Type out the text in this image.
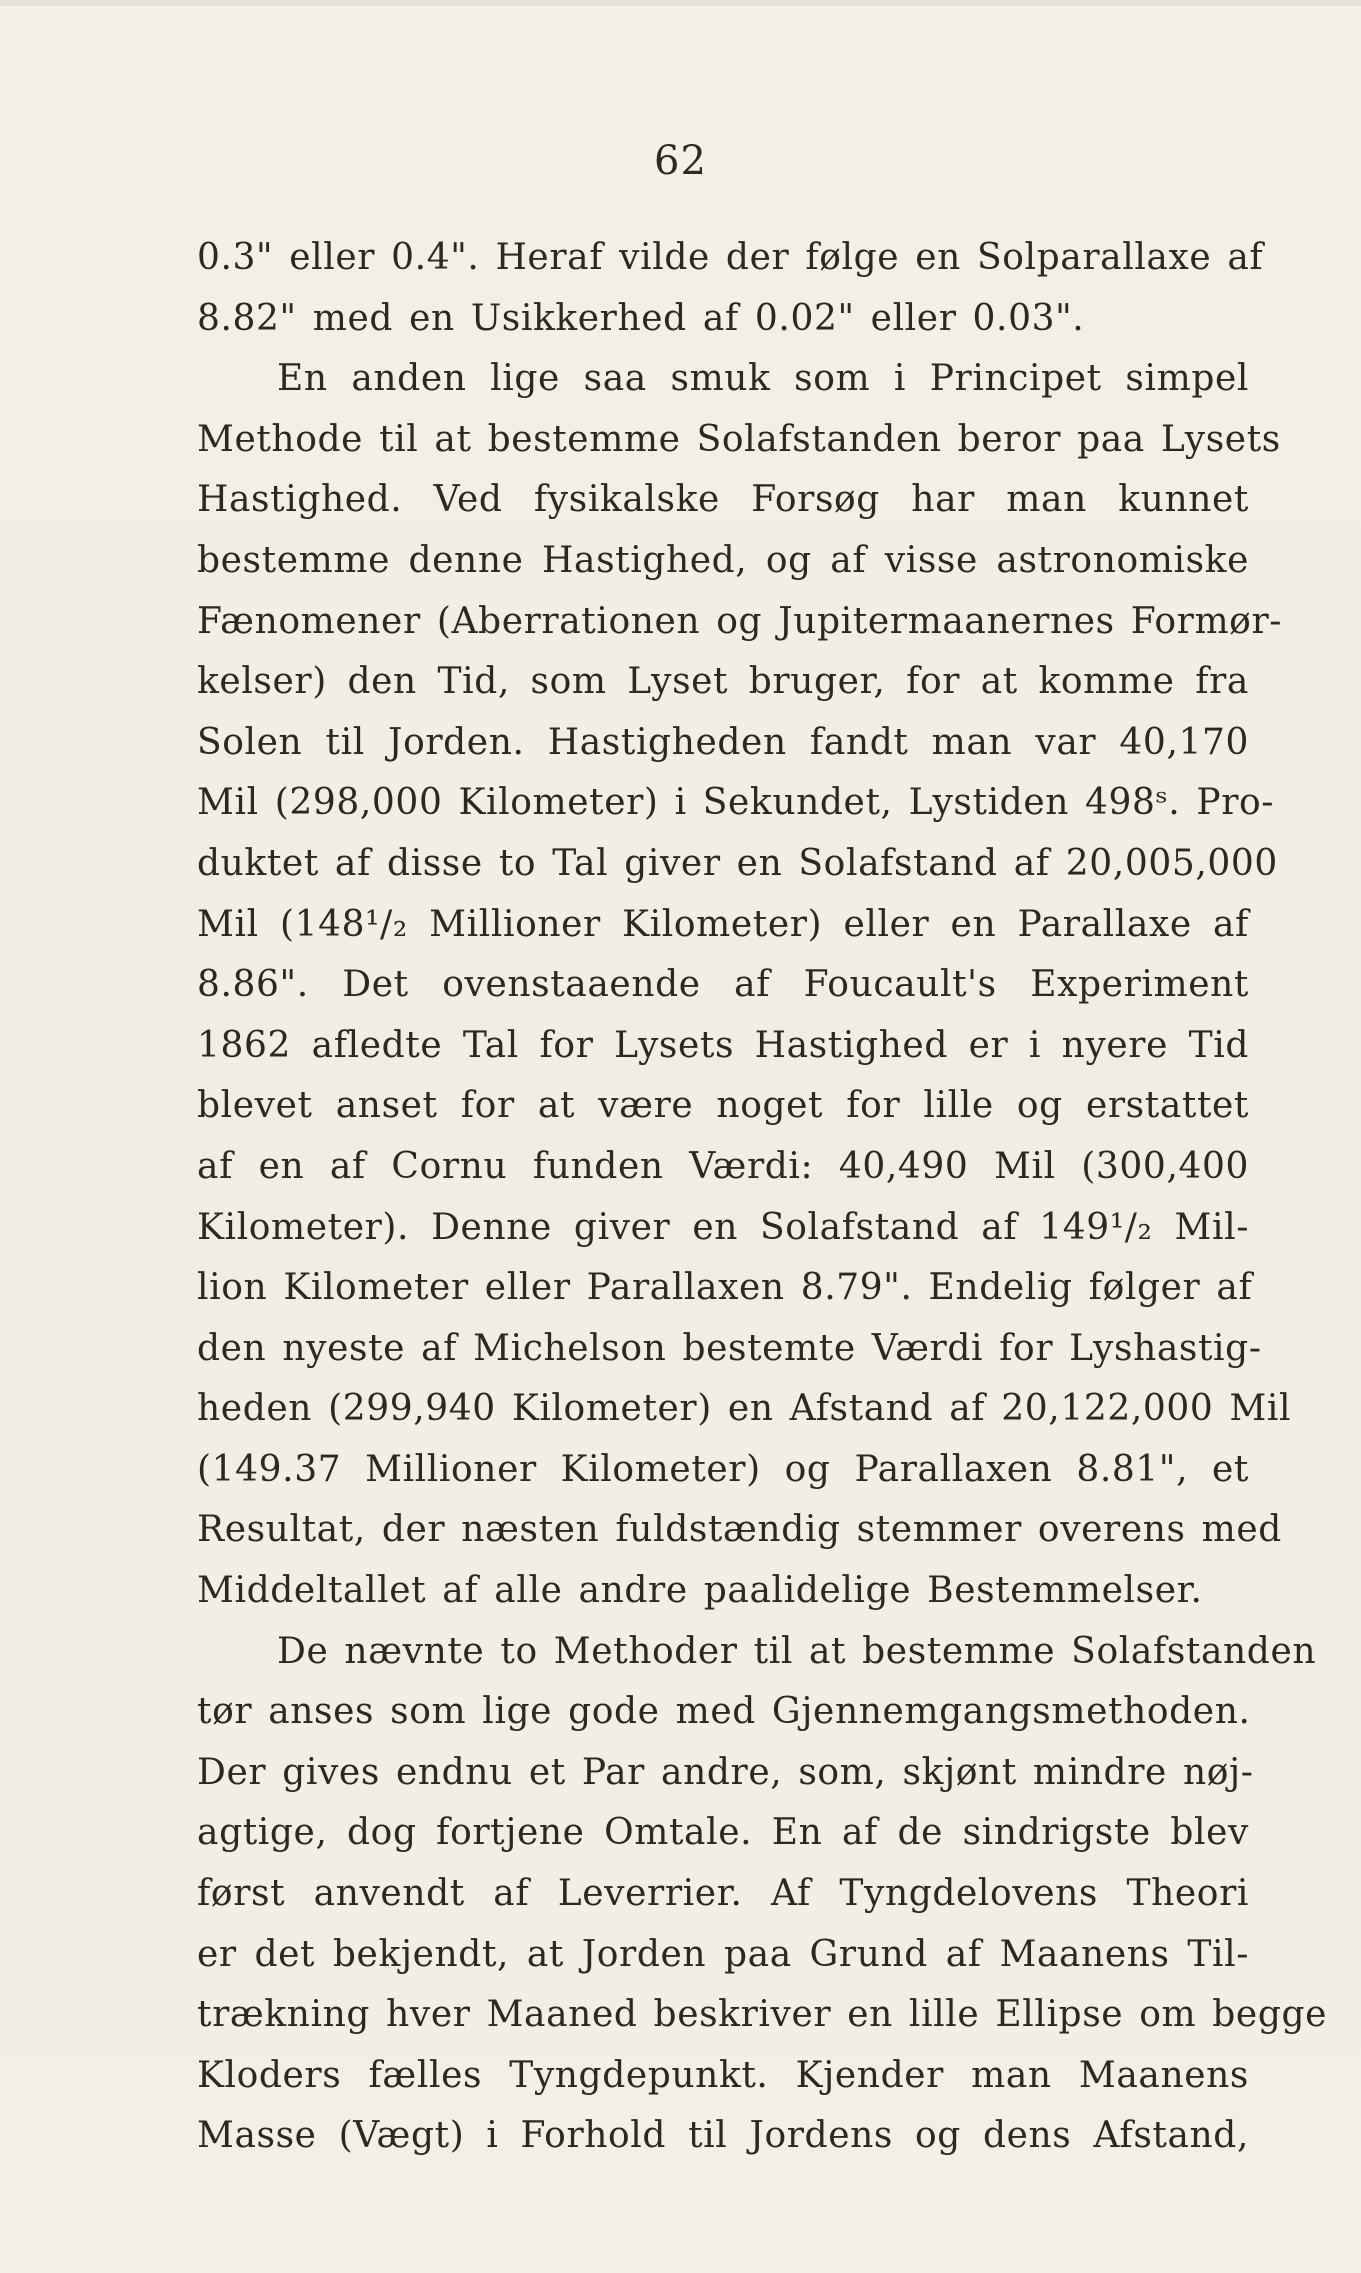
62
0.3" eller 0.4". Heraf vilde der følge en Solparallaxe af
8.82" med en Usikkerhed af 0.02" eller 0.03".
En anden lige saa smuk som i Principet simpel
Methode til at bestemme Solafstanden beror paa Lysets
Hastighed. Ved fysikalske Forsøg har man kunnet
bestemme denne Hastighed, og af visse astronomiske
Fænomener (Aberrationen og Jupitermaanernes Formør-
kelser) den Tid, som Lyset bruger, for at komme fra
Solen til Jorden. Hastigheden fandt man var 40,170
Mil (298,000 Kilometer) i Sekundet, Lystiden 498ˢ. Pro-
duktet af disse to Tal giver en Solafstand af 20,005,000
Mil (148¹/₂ Millioner Kilometer) eller en Parallaxe af
8.86". Det ovenstaaende af Foucault's Experiment
1862 afledte Tal for Lysets Hastighed er i nyere Tid
blevet anset for at være noget for lille og erstattet
af en af Cornu funden Værdi: 40,490 Mil (300,400
Kilometer). Denne giver en Solafstand af 149¹/₂ Mil-
lion Kilometer eller Parallaxen 8.79". Endelig følger af
den nyeste af Michelson bestemte Værdi for Lyshastig-
heden (299,940 Kilometer) en Afstand af 20,122,000 Mil
(149.37 Millioner Kilometer) og Parallaxen 8.81", et
Resultat, der næsten fuldstændig stemmer overens med
Middeltallet af alle andre paalidelige Bestemmelser.
De nævnte to Methoder til at bestemme Solafstanden
tør anses som lige gode med Gjennemgangsmethoden.
Der gives endnu et Par andre, som, skjønt mindre nøj-
agtige, dog fortjene Omtale. En af de sindrigste blev
først anvendt af Leverrier. Af Tyngdelovens Theori
er det bekjendt, at Jorden paa Grund af Maanens Til-
trækning hver Maaned beskriver en lille Ellipse om begge
Kloders fælles Tyngdepunkt. Kjender man Maanens
Masse (Vægt) i Forhold til Jordens og dens Afstand,
